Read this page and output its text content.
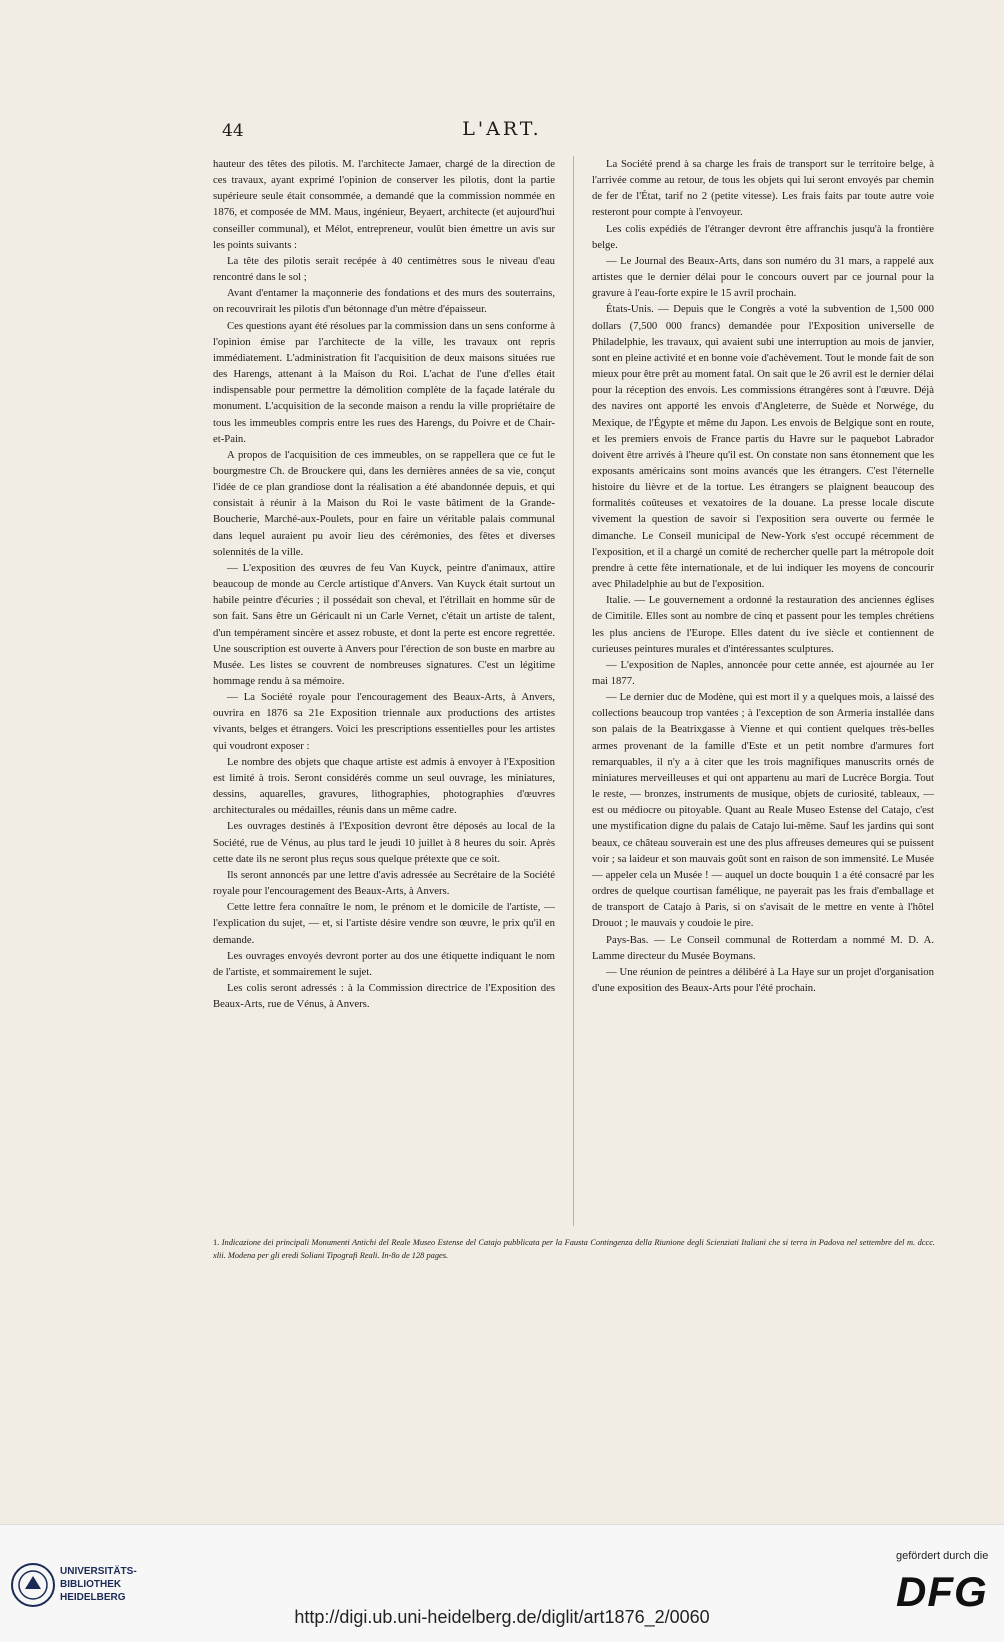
44	L'ART.

hauteur des têtes des pilotis. M. l'architecte Jamaer, chargé de la direction de ces travaux, ayant exprimé l'opinion de conserver les pilotis, dont la partie supérieure seule était consommée, a demandé que la commission nommée en 1876, et composée de MM. Maus, ingénieur, Beyaert, architecte (et aujourd'hui conseiller communal), et Mélot, entrepreneur, voulût bien émettre un avis sur les points suivants :

La tête des pilotis serait recépée à 40 centimètres sous le niveau d'eau rencontré dans le sol ;

Avant d'entamer la maçonnerie des fondations et des murs des souterrains, on recouvrirait les pilotis d'un bétonnage d'un mètre d'épaisseur.

Ces questions ayant été résolues par la commission dans un sens conforme à l'opinion émise par l'architecte de la ville, les travaux ont repris immédiatement. L'administration fit l'acquisition de deux maisons situées rue des Harengs, attenant à la Maison du Roi. L'achat de l'une d'elles était indispensable pour permettre la démolition complète de la façade latérale du monument. L'acquisition de la seconde maison a rendu la ville propriétaire de tous les immeubles compris entre les rues des Harengs, du Poivre et de Chair-et-Pain.

A propos de l'acquisition de ces immeubles, on se rappellera que ce fut le bourgmestre Ch. de Brouckere qui, dans les dernières années de sa vie, conçut l'idée de ce plan grandiose dont la réalisation a été abandonnée depuis, et qui consistait à réunir à la Maison du Roi le vaste bâtiment de la Grande-Boucherie, Marché-aux-Poulets, pour en faire un véritable palais communal dans lequel auraient pu avoir lieu des cérémonies, des fêtes et diverses solennités de la ville.

— L'exposition des œuvres de feu Van Kuyck, peintre d'animaux, attire beaucoup de monde au Cercle artistique d'Anvers. Van Kuyck était surtout un habile peintre d'écuries ; il possédait son cheval, et l'étrillait en homme sûr de son fait. Sans être un Géricault ni un Carle Vernet, c'était un artiste de talent, d'un tempérament sincère et assez robuste, et dont la perte est encore regrettée. Une souscription est ouverte à Anvers pour l'érection de son buste en marbre au Musée. Les listes se couvrent de nombreuses signatures. C'est un légitime hommage rendu à sa mémoire.

— La Société royale pour l'encouragement des Beaux-Arts, à Anvers, ouvrira en 1876 sa 21e Exposition triennale aux productions des artistes vivants, belges et étrangers. Voici les prescriptions essentielles pour les artistes qui voudront exposer :

Le nombre des objets que chaque artiste est admis à envoyer à l'Exposition est limité à trois. Seront considérés comme un seul ouvrage, les miniatures, dessins, aquarelles, gravures, lithographies, photographies d'œuvres architecturales ou médailles, réunis dans un même cadre.

Les ouvrages destinés à l'Exposition devront être déposés au local de la Société, rue de Vénus, au plus tard le jeudi 10 juillet à 8 heures du soir. Après cette date ils ne seront plus reçus sous quelque prétexte que ce soit.

Ils seront annoncés par une lettre d'avis adressée au Secrétaire de la Société royale pour l'encouragement des Beaux-Arts, à Anvers.

Cette lettre fera connaître le nom, le prénom et le domicile de l'artiste, — l'explication du sujet, — et, si l'artiste désire vendre son œuvre, le prix qu'il en demande.

Les ouvrages envoyés devront porter au dos une étiquette indiquant le nom de l'artiste, et sommairement le sujet.

Les colis seront adressés : à la Commission directrice de l'Exposition des Beaux-Arts, rue de Vénus, à Anvers.

La Société prend à sa charge les frais de transport sur le territoire belge, à l'arrivée comme au retour, de tous les objets qui lui seront envoyés par chemin de fer de l'État, tarif no 2 (petite vitesse). Les frais faits par toute autre voie resteront pour compte à l'envoyeur.

Les colis expédiés de l'étranger devront être affranchis jusqu'à la frontière belge.

— Le Journal des Beaux-Arts, dans son numéro du 31 mars, a rappelé aux artistes que le dernier délai pour le concours ouvert par ce journal pour la gravure à l'eau-forte expire le 15 avril prochain.

États-Unis. — Depuis que le Congrès a voté la subvention de 1,500 000 dollars (7,500 000 francs) demandée pour l'Exposition universelle de Philadelphie, les travaux, qui avaient subi une interruption au mois de janvier, sont en pleine activité et en bonne voie d'achèvement. Tout le monde fait de son mieux pour être prêt au moment fatal. On sait que le 26 avril est le dernier délai pour la réception des envois. Les commissions étrangères sont à l'œuvre. Déjà des navires ont apporté les envois d'Angleterre, de Suède et Norwége, du Mexique, de l'Égypte et même du Japon. Les envois de Belgique sont en route, et les premiers envois de France partis du Havre sur le paquebot Labrador doivent être arrivés à l'heure qu'il est. On constate non sans étonnement que les exposants américains sont moins avancés que les étrangers. C'est l'éternelle histoire du lièvre et de la tortue. Les étrangers se plaignent beaucoup des formalités coûteuses et vexatoires de la douane. La presse locale discute vivement la question de savoir si l'exposition sera ouverte ou fermée le dimanche. Le Conseil municipal de New-York s'est occupé récemment de l'exposition, et il a chargé un comité de rechercher quelle part la métropole doit prendre à cette fête internationale, et de lui indiquer les moyens de concourir avec Philadelphie au but de l'exposition.

Italie. — Le gouvernement a ordonné la restauration des anciennes églises de Cimitile. Elles sont au nombre de cinq et passent pour les temples chrétiens les plus anciens de l'Europe. Elles datent du ive siècle et contiennent de curieuses peintures murales et d'intéressantes sculptures.

— L'exposition de Naples, annoncée pour cette année, est ajournée au 1er mai 1877.

— Le dernier duc de Modène, qui est mort il y a quelques mois, a laissé des collections beaucoup trop vantées ; à l'exception de son Armeria installée dans son palais de la Beatrixgasse à Vienne et qui contient quelques très-belles armes provenant de la famille d'Este et un petit nombre d'armures fort remarquables, il n'y a à citer que les trois magnifiques manuscrits ornés de miniatures merveilleuses et qui ont appartenu au mari de Lucrèce Borgia. Tout le reste, — bronzes, instruments de musique, objets de curiosité, tableaux, — est ou médiocre ou pitoyable. Quant au Reale Museo Estense del Catajo, c'est une mystification digne du palais de Catajo lui-même. Sauf les jardins qui sont beaux, ce château souverain est une des plus affreuses demeures qui se puissent voir ; sa laideur et son mauvais goût sont en raison de son immensité. Le Musée — appeler cela un Musée ! — auquel un docte bouquin 1 a été consacré par les ordres de quelque courtisan famélique, ne payerait pas les frais d'emballage et de transport de Catajo à Paris, si on s'avisait de le mettre en vente à l'hôtel Drouot ; le mauvais y coudoie le pire.

Pays-Bas. — Le Conseil communal de Rotterdam a nommé M. D. A. Lamme directeur du Musée Boymans.

— Une réunion de peintres a délibéré à La Haye sur un projet d'organisation d'une exposition des Beaux-Arts pour l'été prochain.

1. Indicazione dei principali Monumenti Antichi del Reale Museo Estense del Catajo pubblicata per la Fausta Contingenza della Riunione degli Scienziati Italiani che si terra in Padova nel settembre del m. dccc. xlii. Modena per gli eredi Soliani Tipografi Reali. In-8o de 128 pages.
UNIVERSITÄTS-
BIBLIOTHEK
HEIDELBERG
http://digi.ub.uni-heidelberg.de/diglit/art1876_2/0060
gefördert durch die
DFG
